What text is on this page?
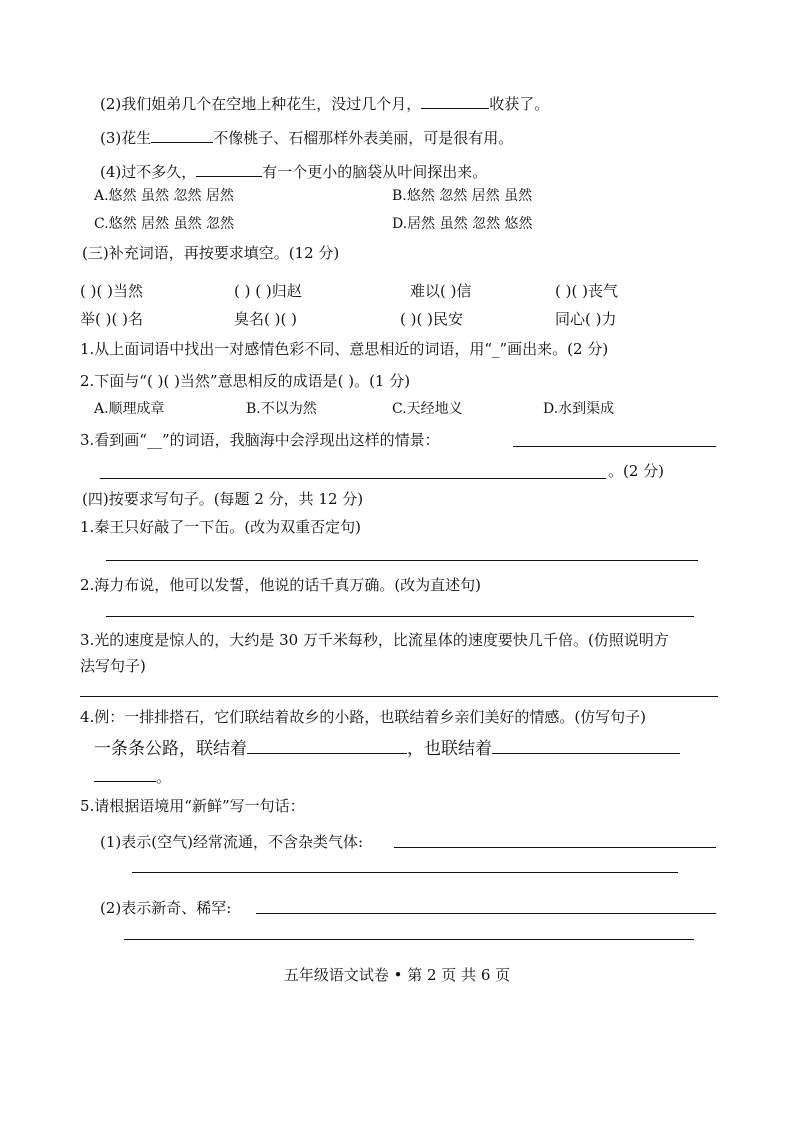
(2)我们姐弟几个在空地上种花生，没过几个月，	收获了。
(3)花生	不像桃子、石榴那样外表美丽，可是很有用。
(4)过不多久，	有一个更小的脑袋从叶间探出来。
A.悠然 虽然 忽然 居然	B.悠然 忽然 居然 虽然
C.悠然 居然 虽然 忽然	D.居然 虽然 忽然 悠然
(三)补充词语，再按要求填空。(12 分)
( )( )当然	( ) ( )归赵	难以( )信	( )( )丧气
举( )( )名	臭名( )( )	( )( )民安	同心( )力
1.从上面词语中找出一对感情色彩不同、意思相近的词语，用“_”画出来。(2 分)
2.下面与“( )( )当然”意思相反的成语是( )。(1 分)
A.顺理成章	B.不以为然	C.天经地义	D.水到渠成
3.看到画“__”的词语，我脑海中会浮现出这样的情景：
。(2 分)
(四)按要求写句子。(每题 2 分，共 12 分)
1.秦王只好敲了一下缶。(改为双重否定句)
2.海力布说，他可以发誓，他说的话千真万确。(改为直述句)
3.光的速度是惊人的，大约是 30 万千米每秒，比流星体的速度要快几千倍。(仿照说明方
法写句子)
4.例：一排排搭石，它们联结着故乡的小路，也联结着乡亲们美好的情感。(仿写句子)
一条条公路，联结着	，也联结着
。
5.请根据语境用“新鲜”写一句话：
(1)表示(空气)经常流通，不含杂类气体:
(2)表示新奇、稀罕:
五年级语文试卷 • 第 2 页 共 6 页
